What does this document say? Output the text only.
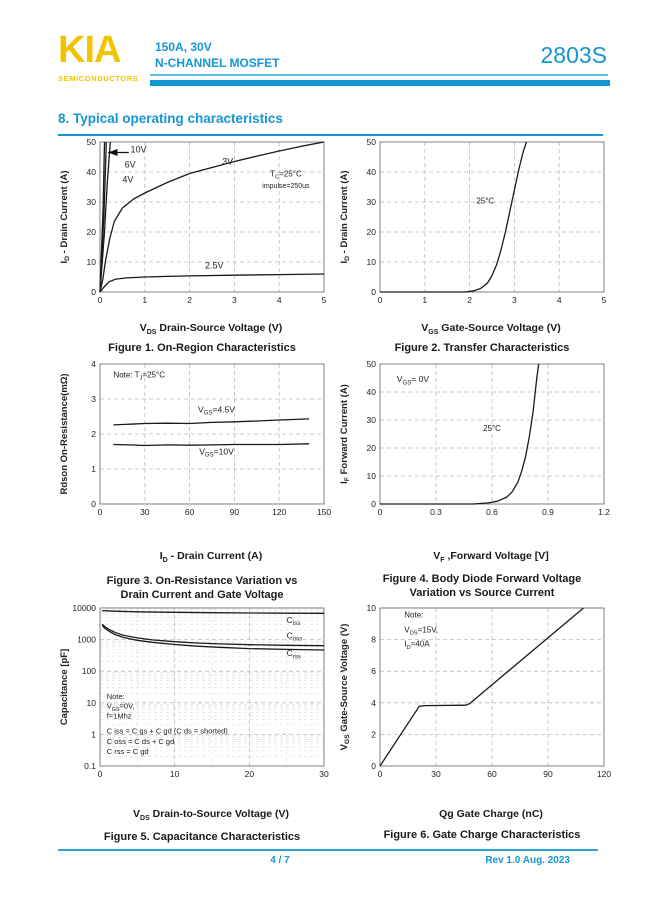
KIA
SEMICONDUCTORS
150A, 30V
N-CHANNEL MOSFET	2803S
8. Typical operating characteristics
0	1	2	3	4	5
0
10
20
30
40
50
$I_D$ - Drain Current (A)
10V
6V
4V
3V
2.5V
$T_C=25^\circ C$
impulse=250us
$V_{DS}$ Drain-Source Voltage (V)
Figure 1. On-Region Characteristics
0	1	2	3	4	5
0
10
20
30
40
50
$I_D$ - Drain Current (A)	25°C
$V_{GS}$ Gate-Source Voltage (V)
Figure 2. Transfer Characteristics
0	30	60	90	120	150
0
1
2
3
4
Rdson On-Resistance(mΩ)	Note: $T_J=25^\circ C$
$V_{GS}=4.5V$
$V_{GS}=10V$
$I_D$ - Drain Current (A)
Figure 3. On-Resistance Variation vs
Drain Current and Gate Voltage
0	0.3	0.6	0.9	1.2
0
10
20
30
40
50
$I_F$ Forward Current (A)
$V_{GS}= 0V$
25°C
$V_F$ ,Forward Voltage [V]
Figure 4. Body Diode Forward Voltage
Variation vs Source Current
0	10	20	30
0.1
1
10
100
1000
10000
Capacitance [pF]
$C_{iss}$
$C_{oss}$
$C_{rss}$
Note:
$V_{GS}=0V$,
f=1Mhz
C iss = C gs + C gd (C ds = shorted)
C oss = C ds + C gd
C rss = C gd
$V_{DS}$ Drain-to-Source Voltage (V)
Figure 5. Capacitance Characteristics
0	30	60	90	120
0
2
4
6
8
10
$V_{GS}$ Gate-Source Voltage (V)
Note:
$V_{DS}=15V$,
$I_D=40A$
Qg Gate Charge (nC)
Figure 6. Gate Charge Characteristics
4 / 7	Rev 1.0 Aug. 2023
